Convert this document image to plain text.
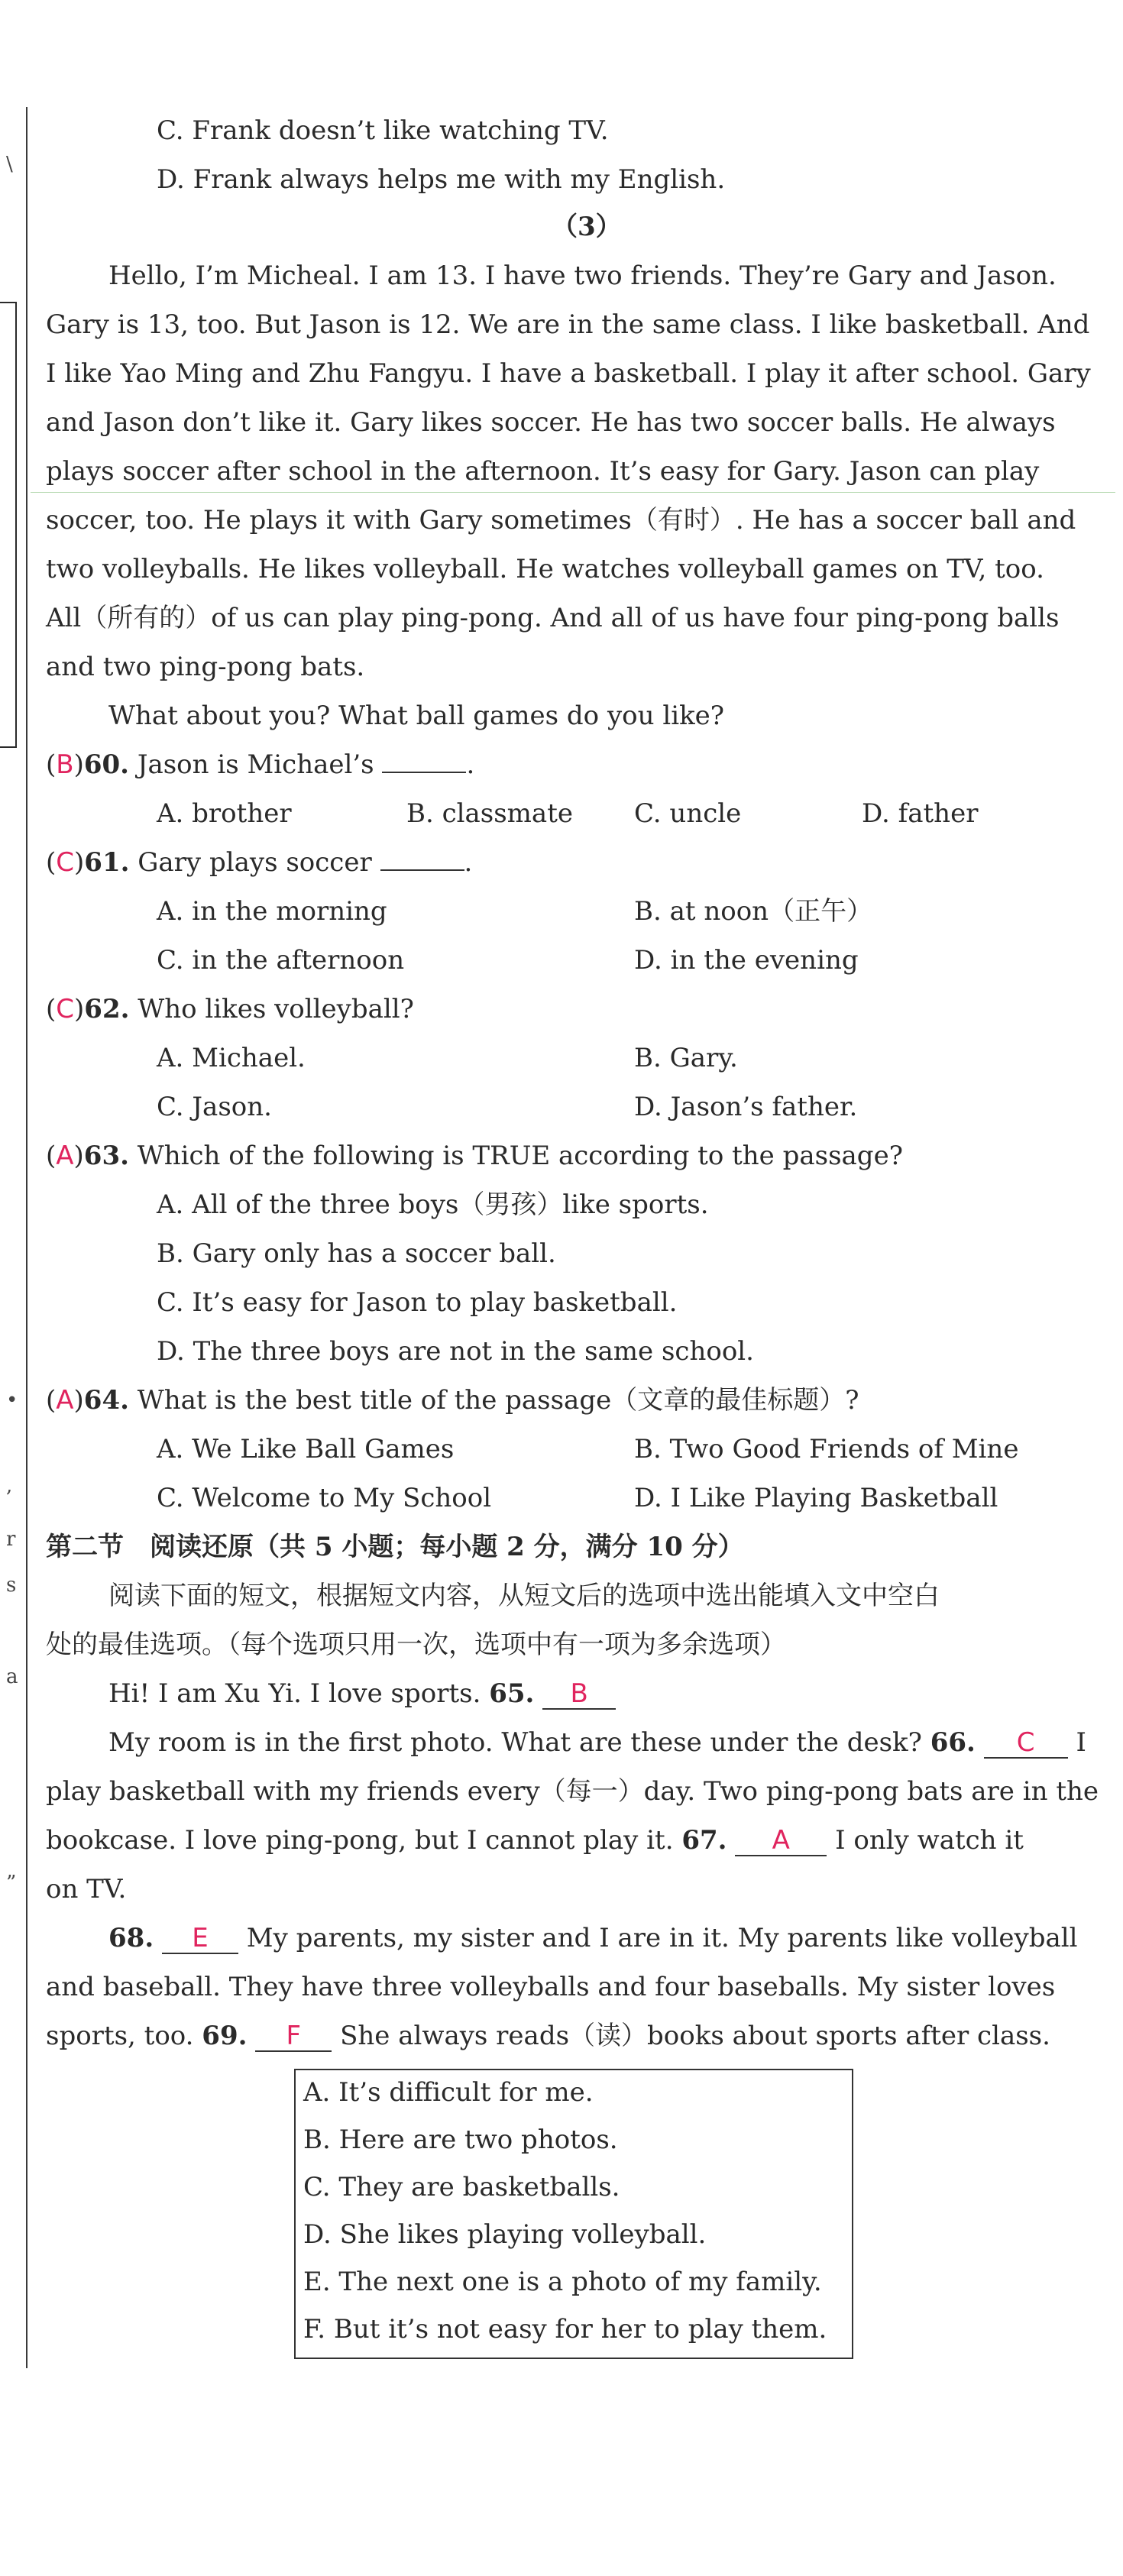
\
•
,
r
s
a
”
C. Frank doesn’t like watching TV.
D. Frank always helps me with my English.
（3）
Hello, I’m Micheal. I am 13. I have two friends. They’re Gary and Jason.
Gary is 13, too. But Jason is 12. We are in the same class. I like basketball. And
I like Yao Ming and Zhu Fangyu. I have a basketball. I play it after school. Gary
and Jason don’t like it. Gary likes soccer. He has two soccer balls. He always
plays soccer after school in the afternoon. It’s easy for Gary. Jason can play
soccer, too. He plays it with Gary sometimes（有时）. He has a soccer ball and
two volleyballs. He likes volleyball. He watches volleyball games on TV, too.
All（所有的）of us can play ping-pong. And all of us have four ping-pong balls
and two ping-pong bats.
What about you? What ball games do you like?
(B)60. Jason is Michael’s	.
A. brother	B. classmate C. uncle	D. father
(C)61. Gary plays soccer	.
A. in the morning	B. at noon（正午）
C. in the afternoon	D. in the evening
(C)62. Who likes volleyball?
A. Michael.	B. Gary.
C. Jason.	D. Jason’s father.
(A)63. Which of the following is TRUE according to the passage?
A. All of the three boys（男孩）like sports.
B. Gary only has a soccer ball.
C. It’s easy for Jason to play basketball.
D. The three boys are not in the same school.
(A)64. What is the best title of the passage（文章的最佳标题）?
A. We Like Ball Games	B. Two Good Friends of Mine
C. Welcome to My School	D. I Like Playing Basketball
第二节　阅读还原（共 5 小题；每小题 2 分，满分 10 分）
阅读下面的短文，根据短文内容，从短文后的选项中选出能填入文中空白
处的最佳选项。（每个选项只用一次，选项中有一项为多余选项）
Hi! I am Xu Yi. I love sports. 65. B
My room is in the first photo. What are these under the desk? 66. C I
play basketball with my friends every（每一）day. Two ping-pong bats are in the
bookcase. I love ping-pong, but I cannot play it. 67. A I only watch it
on TV.
68. E My parents, my sister and I are in it. My parents like volleyball
and baseball. They have three volleyballs and four baseballs. My sister loves
sports, too. 69. F She always reads（读）books about sports after class.
A. It’s difficult for me.
B. Here are two photos.
C. They are basketballs.
D. She likes playing volleyball.
E. The next one is a photo of my family.
F. But it’s not easy for her to play them.
